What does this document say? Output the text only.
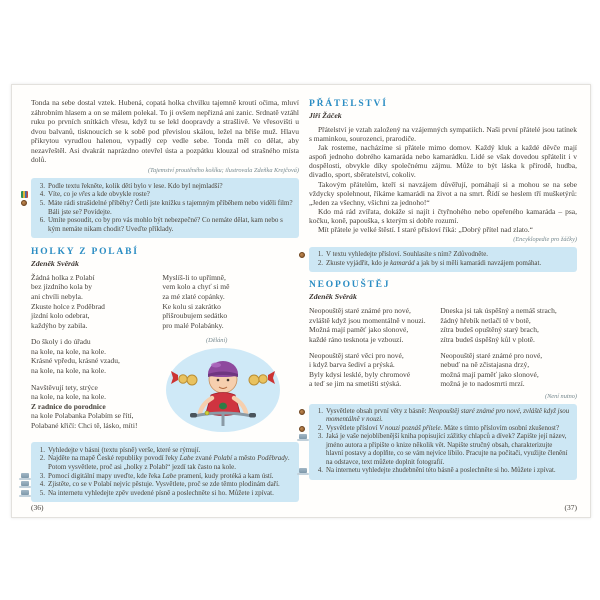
Tonda na sebe dostal vztek. Hubená, copatá holka chvilku tajemně kroutí očima, mluví záhrobním hlasem a on se málem polekal. To ji ovšem nepřizná ani zanic. Srdnatě vztáhl ruku po prvních snítkách vřesu, když tu se lekl doopravdy a strašlivě. Ve vřesovišti u dvou balvanů, tisknoucích se k sobě pod převislou skálou, ležel na břiše muž. Hlavu přikrytou vyrudlou halenou, vypadlý cep vedle sebe. Tonda měl co dělat, aby nezavřeštěl. Asi dvakrát naprázdno otevřel ústa a pozpátku klouzal od strašného místa dolů.

(Tajemství proutěného košíku; ilustrovala Zdeňka Krejčová)
3. Podle textu řekněte, kolik dětí bylo v lese. Kdo byl nejmladší?
4. Víte, co je vřes a kde obvykle roste?
5. Máte rádi strašidelné příběhy? Četli jste knížku s tajemným příběhem nebo viděli film? Báli jste se? Povídejte.
6. Umíte posoudit, co by pro vás mohlo být nebezpečné? Co nemáte dělat, kam nebo s kým nemáte nikam chodit? Uveďte příklady.
HOLKY Z POLABÍ
Zdeněk Svěrák
Žádná holka z Polabí
bez jízdního kola by
ani chvíli nebyla.
Zkuste holce z Poděbrad
jízdní kolo odebrat,
každýho by zabila.
Do školy i do úřadu
na kole, na kole, na kole.
Krásné vpředu, krásné vzadu,
na kole, na kole, na kole.
Navštěvují tety, strýce
na kole, na kole, na kole.
Z radnice do porodnice
na kole Polabanka Polabím se řítí,
Polabané křičí: Chci tě, lásko, míti!
Myslíš-li to upřímně,
vem kolo a chyť si mě
za mé zlaté copánky.
Ke kolu si zakrátko
přišroubujem sedátko
pro malé Polabánky.
(Dělání)
1. Vyhledejte v básni (textu písně) verše, které se rýmují.
2. Najděte na mapě České republiky povodí řeky Labe zvané Polabí a město Poděbrady. Potom vysvětlete, proč asi „holky z Polabí“ jezdí tak často na kole.
3. Pomocí digitální mapy uveďte, kde řeka Labe pramení, kudy protéká a kam ústí.
4. Zjistěte, co se v Polabí nejvíc pěstuje. Vysvětlete, proč se zde těmto plodinám daří.
5. Na internetu vyhledejte zpěv uvedené písně a poslechněte si ho. Můžete i zpívat.
(36)
PŘÁTELSTVÍ
Jiří Žáček

Přátelství je vztah založený na vzájemných sympatiích. Naši první přátelé jsou tatínek s maminkou, sourozenci, prarodiče.

Jak rosteme, nacházíme si přátele mimo domov. Každý kluk a každé děvče mají aspoň jednoho dobrého kamaráda nebo kamarádku. Lidé se však dovedou spřátelit i v dospělosti, obvykle díky společnému zájmu. Může to být láska k přírodě, hudba, divadlo, sport, sběratelství, cokoliv.

Takovým přátelům, kteří si navzájem důvěřují, pomáhají si a mohou se na sebe vždycky spolehnout, říkáme kamarádi na život a na smrt. Řídí se heslem tří mušketýrů: „Jeden za všechny, všichni za jednoho!“

Kdo má rád zvířata, dokáže si najít i čtyřnohého nebo opeřeného kamaráda – psa, kočku, koně, papouška, s kterým si dobře rozumí.

Mít přátele je velké štěstí. I staré přísloví říká: „Dobrý přítel nad zlato.“

(Encyklopedie pro žáčky)
1. V textu vyhledejte přísloví. Souhlasíte s ním? Zdůvodněte.
2. Zkuste vyjádřit, kdo je kamarád a jak by si měli kamarádi navzájem pomáhat.
NEOPOUŠTĚJ
Zdeněk Svěrák
Neopouštěj staré známé pro nové,
zvláště když jsou momentálně v nouzi.
Možná mají paměť jako slonové,
každé ráno tesknota je vzbouzí.
Neopouštěj staré věci pro nové,
i když barva šediví a prýská.
Byly kdysi lesklé, byly chromové
a teď se jim na smetišti stýská.
Dneska jsi tak úspěšný a nemáš strach,
žádný hřebík netlačí tě v botě,
zítra budeš opuštěný starý brach,
zítra budeš úspěšný kůl v plotě.
Neopouštěj staré známé pro nové,
nebuď na ně zčistajasna drzý,
možná mají paměť jako slonové,
možná je to nadosmrti mrzí.
(Není nutno)
1. Vysvětlete obsah první věty z básně: Neopouštěj staré známé pro nové, zvláště když jsou momentálně v nouzi.
2. Vysvětlete přísloví V nouzi poznáš přítele. Máte s tímto příslovím osobní zkušenost?
3. Jaká je vaše nejoblíbenější kniha popisující zážitky chlapců a dívek? Zapište její název, jméno autora a připište o knize několik vět. Napište stručný obsah, charakterizujte hlavní postavy a doplňte, co se vám nejvíce líbilo. Pracujte na počítači, využijte členění na odstavce, text můžete doplnit fotografií.
4. Na internetu vyhledejte zhudebnění této básně a poslechněte si ho. Můžete i zpívat.
(37)
